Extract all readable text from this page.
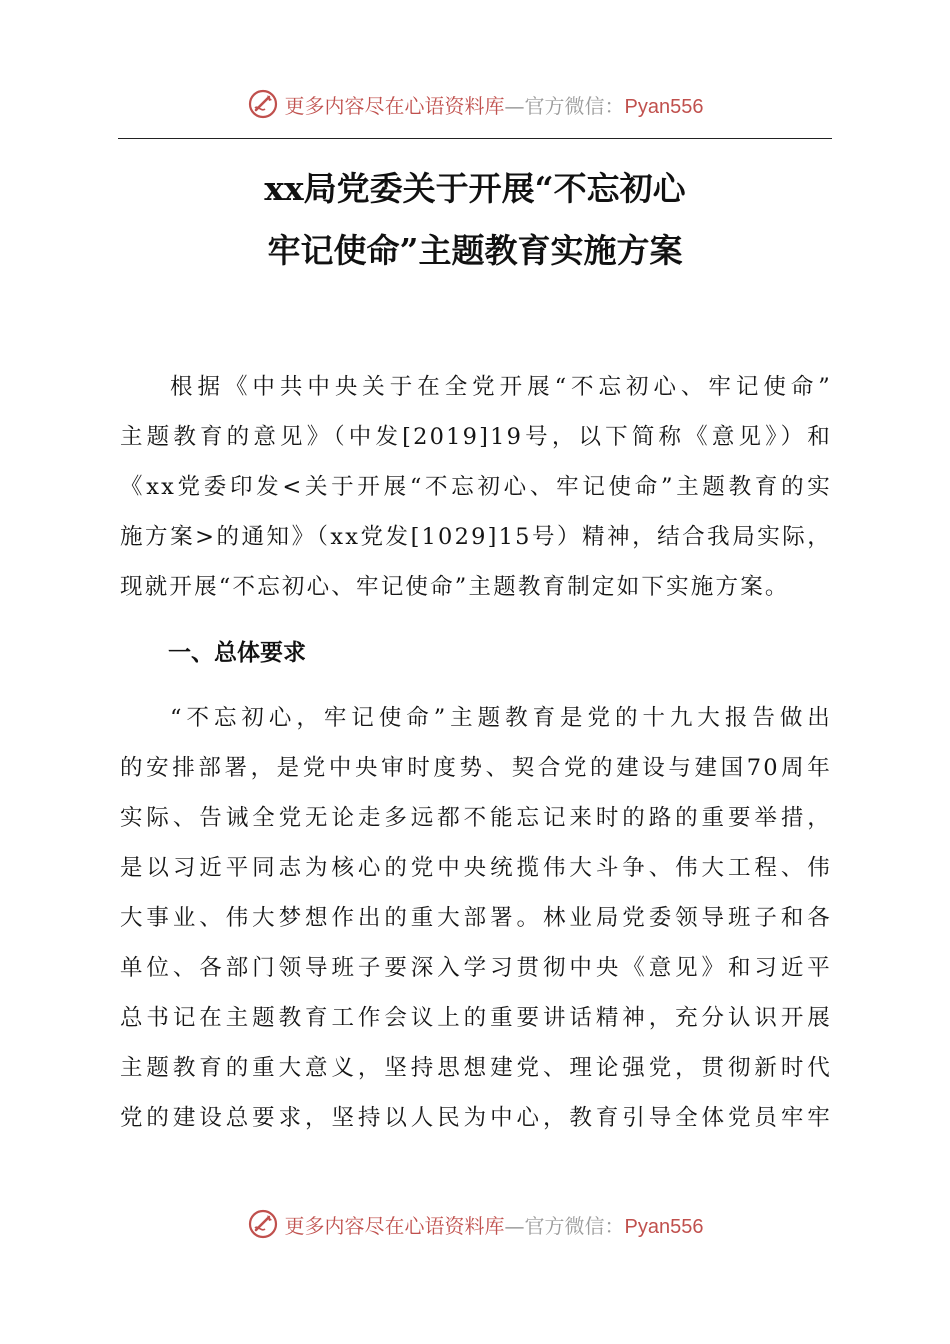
更多内容尽在心语资料库—官方微信：Pyan556
xx局党委关于开展“不忘初心
牢记使命”主题教育实施方案
根据《中共中央关于在全党开展“不忘初心、牢记使命”
主题教育的意见》（中发[2019]19号，以下简称《意见》）和
《xx党委印发<关于开展“不忘初心、牢记使命”主题教育的实
施方案>的通知》（xx党发[1029]15号）精神，结合我局实际，
现就开展“不忘初心、牢记使命”主题教育制定如下实施方案。
一、总体要求
“不忘初心，牢记使命”主题教育是党的十九大报告做出
的安排部署，是党中央审时度势、契合党的建设与建国70周年
实际、告诫全党无论走多远都不能忘记来时的路的重要举措，
是以习近平同志为核心的党中央统揽伟大斗争、伟大工程、伟
大事业、伟大梦想作出的重大部署。林业局党委领导班子和各
单位、各部门领导班子要深入学习贯彻中央《意见》和习近平
总书记在主题教育工作会议上的重要讲话精神，充分认识开展
主题教育的重大意义，坚持思想建党、理论强党，贯彻新时代
党的建设总要求，坚持以人民为中心，教育引导全体党员牢牢
更多内容尽在心语资料库—官方微信：Pyan556
